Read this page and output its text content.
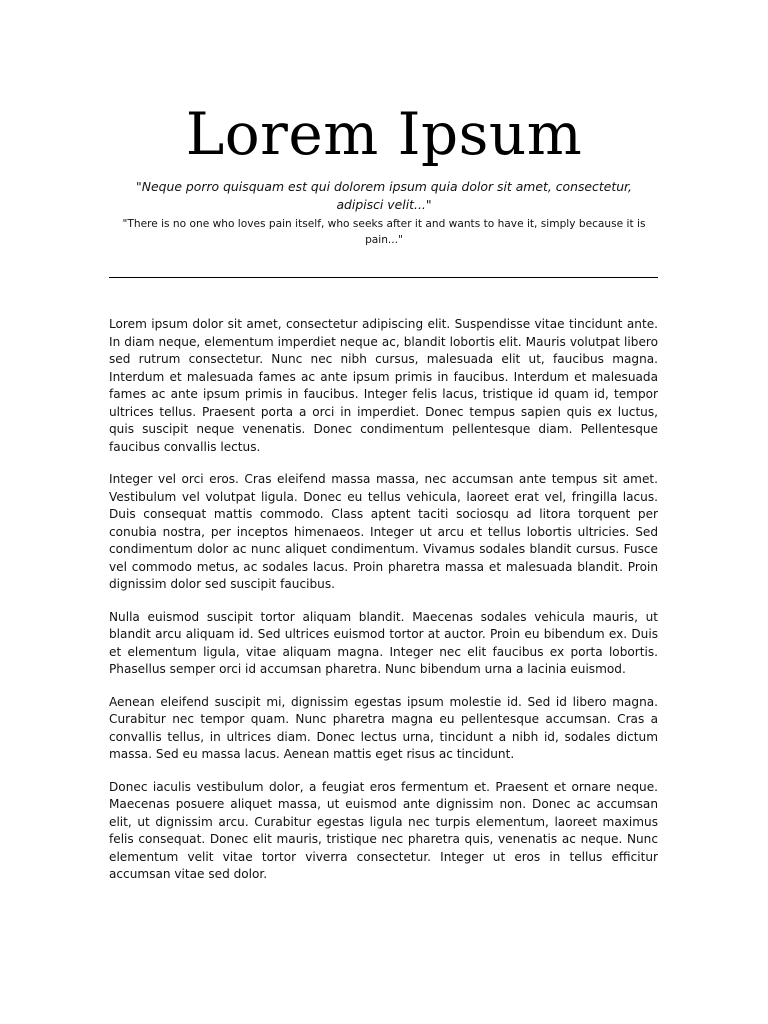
Lorem Ipsum

"Neque porro quisquam est qui dolorem ipsum quia dolor sit amet, consectetur, adipisci velit..."

"There is no one who loves pain itself, who seeks after it and wants to have it, simply because it is pain..."

Lorem ipsum dolor sit amet, consectetur adipiscing elit. Suspendisse vitae tincidunt ante. In diam neque, elementum imperdiet neque ac, blandit lobortis elit. Mauris volutpat libero sed rutrum consectetur. Nunc nec nibh cursus, malesuada elit ut, faucibus magna. Interdum et malesuada fames ac ante ipsum primis in faucibus. Interdum et malesuada fames ac ante ipsum primis in faucibus. Integer felis lacus, tristique id quam id, tempor ultrices tellus. Praesent porta a orci in imperdiet. Donec tempus sapien quis ex luctus, quis suscipit neque venenatis. Donec condimentum pellentesque diam. Pellentesque faucibus convallis lectus.

Integer vel orci eros. Cras eleifend massa massa, nec accumsan ante tempus sit amet. Vestibulum vel volutpat ligula. Donec eu tellus vehicula, laoreet erat vel, fringilla lacus. Duis consequat mattis commodo. Class aptent taciti sociosqu ad litora torquent per conubia nostra, per inceptos himenaeos. Integer ut arcu et tellus lobortis ultricies. Sed condimentum dolor ac nunc aliquet condimentum. Vivamus sodales blandit cursus. Fusce vel commodo metus, ac sodales lacus. Proin pharetra massa et malesuada blandit. Proin dignissim dolor sed suscipit faucibus.

Nulla euismod suscipit tortor aliquam blandit. Maecenas sodales vehicula mauris, ut blandit arcu aliquam id. Sed ultrices euismod tortor at auctor. Proin eu bibendum ex. Duis et elementum ligula, vitae aliquam magna. Integer nec elit faucibus ex porta lobortis. Phasellus semper orci id accumsan pharetra. Nunc bibendum urna a lacinia euismod.

Aenean eleifend suscipit mi, dignissim egestas ipsum molestie id. Sed id libero magna. Curabitur nec tempor quam. Nunc pharetra magna eu pellentesque accumsan. Cras a convallis tellus, in ultrices diam. Donec lectus urna, tincidunt a nibh id, sodales dictum massa. Sed eu massa lacus. Aenean mattis eget risus ac tincidunt.

Donec iaculis vestibulum dolor, a feugiat eros fermentum et. Praesent et ornare neque. Maecenas posuere aliquet massa, ut euismod ante dignissim non. Donec ac accumsan elit, ut dignissim arcu. Curabitur egestas ligula nec turpis elementum, laoreet maximus felis consequat. Donec elit mauris, tristique nec pharetra quis, venenatis ac neque. Nunc elementum velit vitae tortor viverra consectetur. Integer ut eros in tellus efficitur accumsan vitae sed dolor.
